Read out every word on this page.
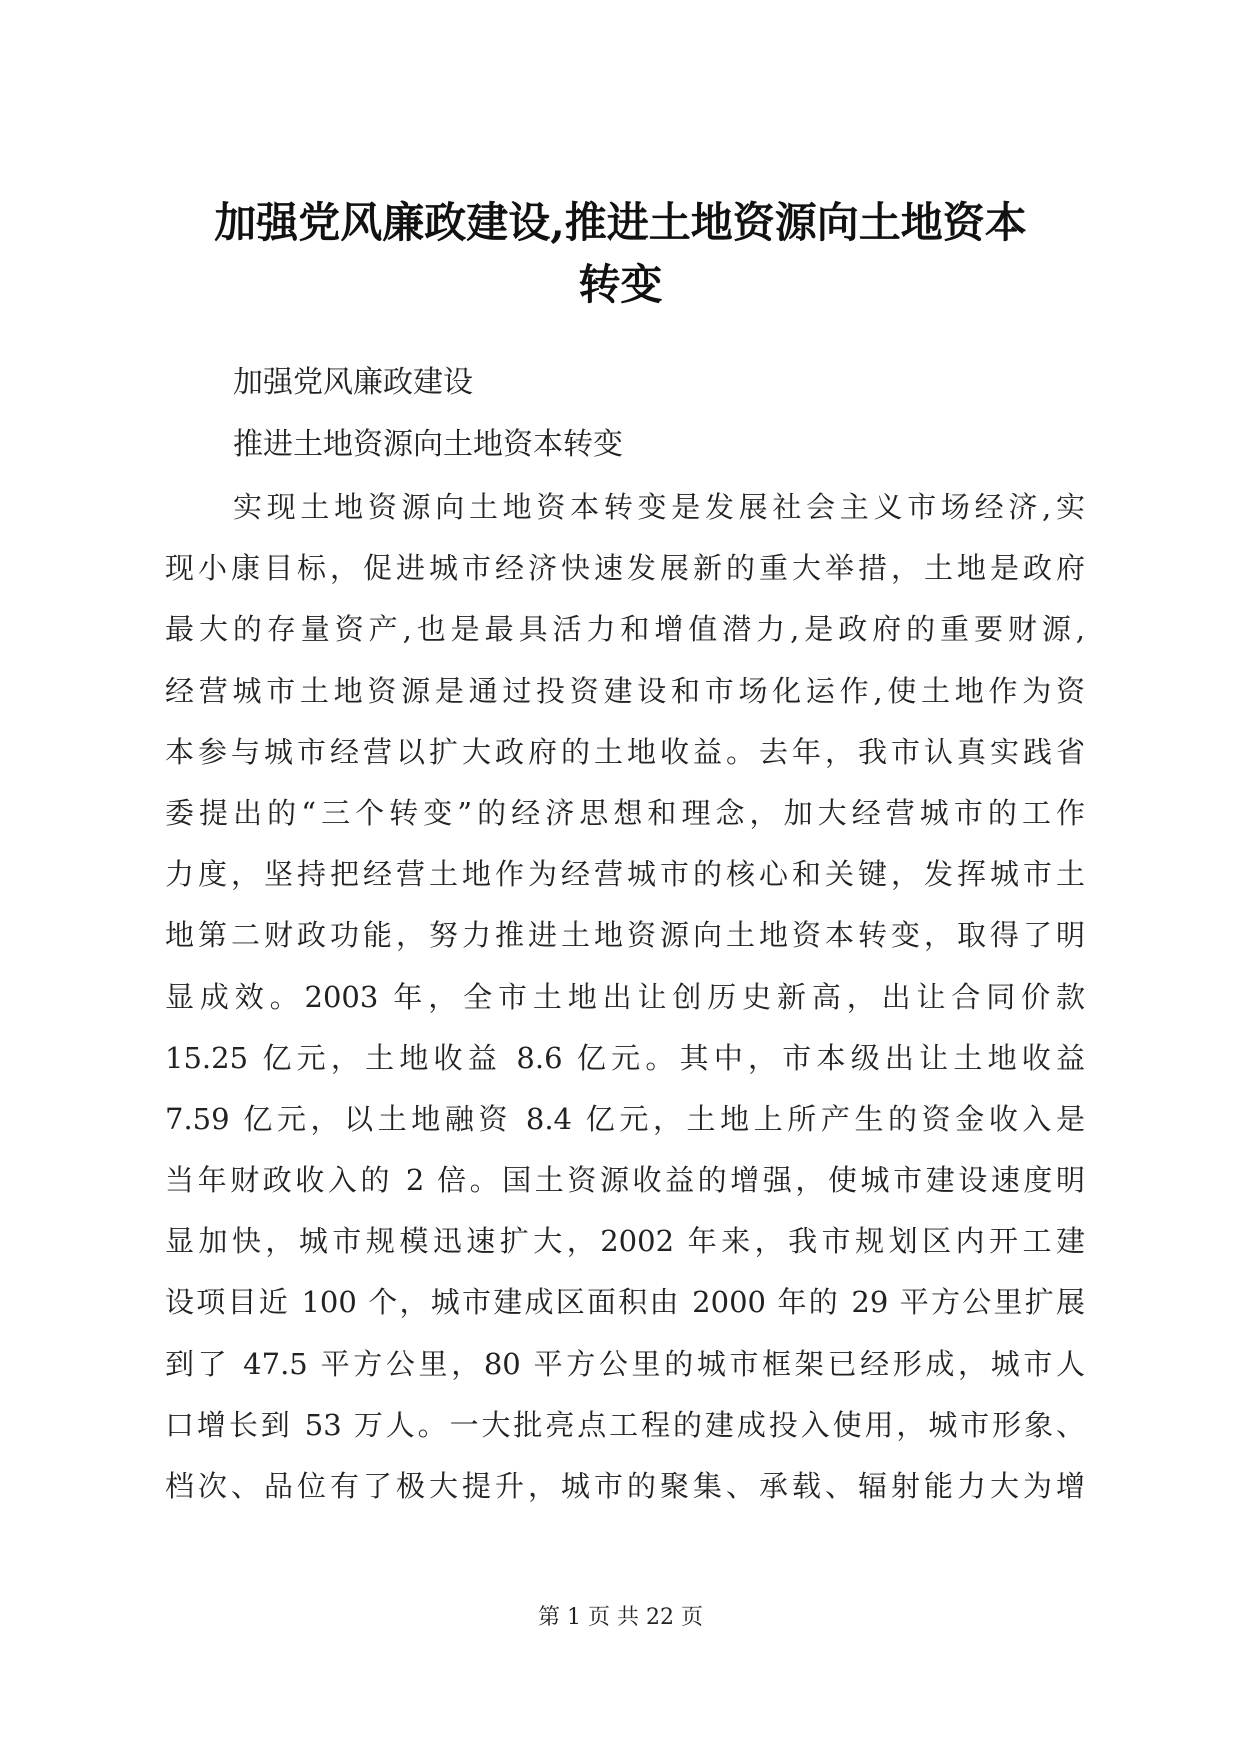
加强党风廉政建设,推进土地资源向土地资本
转变
加强党风廉政建设
推进土地资源向土地资本转变
实现土地资源向土地资本转变是发展社会主义市场经济,实
现小康目标，促进城市经济快速发展新的重大举措，土地是政府
最大的存量资产,也是最具活力和增值潜力,是政府的重要财源,
经营城市土地资源是通过投资建设和市场化运作,使土地作为资
本参与城市经营以扩大政府的土地收益。去年，我市认真实践省
委提出的“三个转变”的经济思想和理念，加大经营城市的工作
力度，坚持把经营土地作为经营城市的核心和关键，发挥城市土
地第二财政功能，努力推进土地资源向土地资本转变，取得了明
显成效。2003 年，全市土地出让创历史新高，出让合同价款
15.25 亿元，土地收益 8.6 亿元。其中，市本级出让土地收益
7.59 亿元，以土地融资 8.4 亿元，土地上所产生的资金收入是
当年财政收入的 2 倍。国土资源收益的增强，使城市建设速度明
显加快，城市规模迅速扩大，2002 年来，我市规划区内开工建
设项目近 100 个，城市建成区面积由 2000 年的 29 平方公里扩展
到了 47.5 平方公里，80 平方公里的城市框架已经形成，城市人
口增长到 53 万人。一大批亮点工程的建成投入使用，城市形象、
档次、品位有了极大提升，城市的聚集、承载、辐射能力大为增
第 1 页 共 22 页
